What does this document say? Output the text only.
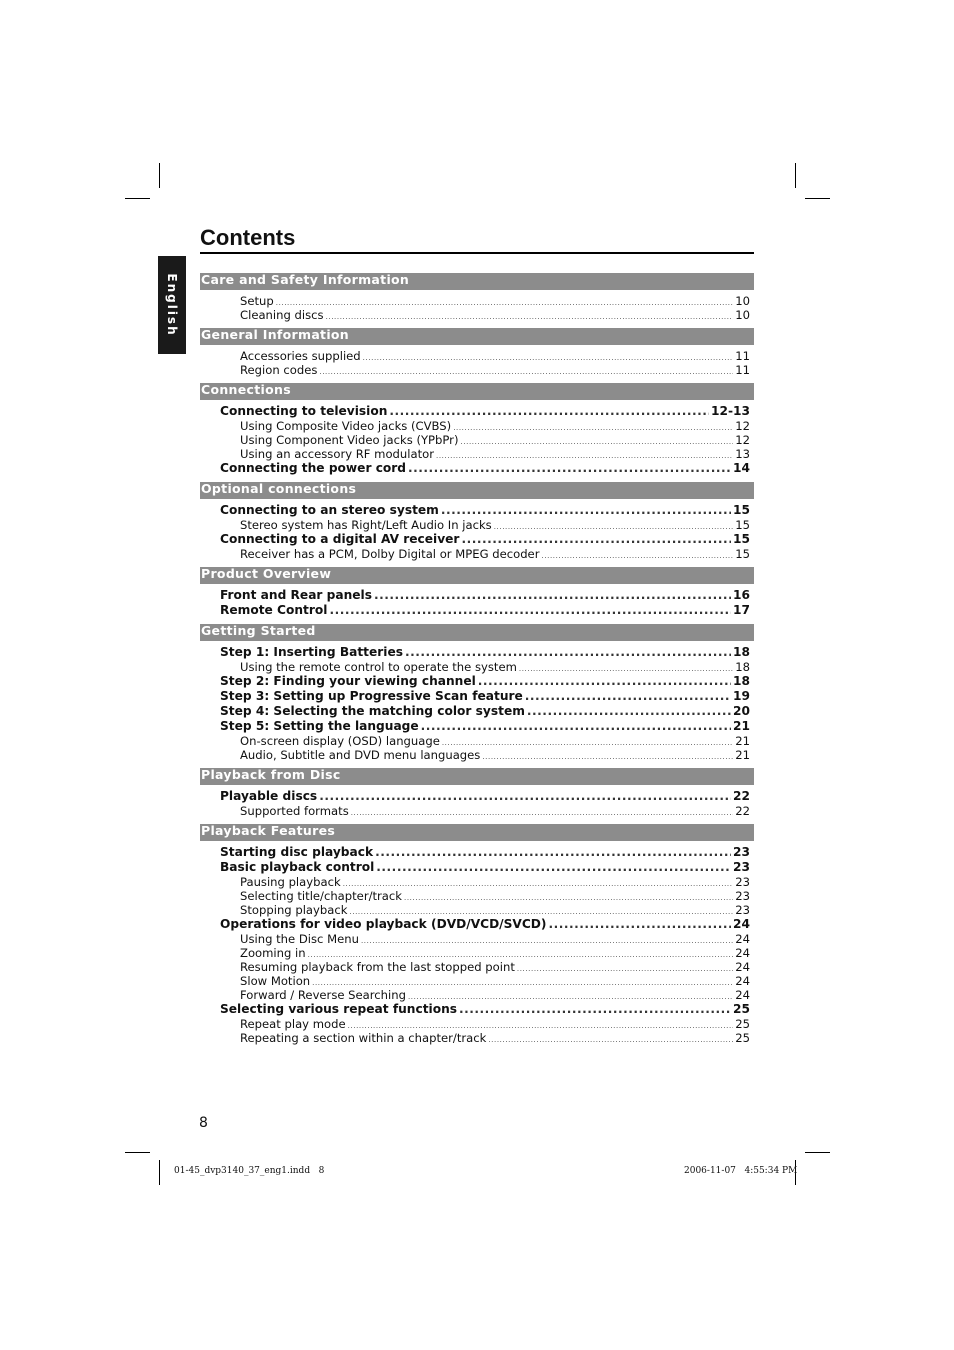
Contents
English Care and Safety Information
Setup .....	10
Cleaning discs .....	10
General Information
Accessories supplied .....	11
Region codes .....	11
Connections
Connecting to television .....	12-13
Using Composite Video jacks (CVBS) .....	12
Using Component Video jacks (YPbPr) .....	12
Using an accessory RF modulator .....	13
Connecting the power cord .....	14
Optional connections
Connecting to an stereo system .....	15
Stereo system has Right/Left Audio In jacks .....	15
Connecting to a digital AV receiver .....	15
Receiver has a PCM, Dolby Digital or MPEG decoder .....	15
Product Overview
Front and Rear panels .....	16
Remote Control .....	17
Getting Started
Step 1: Inserting Batteries .....	18
Using the remote control to operate the system .....	18
Step 2: Finding your viewing channel .....	18
Step 3: Setting up Progressive Scan feature .....	19
Step 4: Selecting the matching color system .....	20
Step 5: Setting the language .....	21
On-screen display (OSD) language .....	21
Audio, Subtitle and DVD menu languages .....	21
Playback from Disc
Playable discs .....	22
Supported formats .....	22
Playback Features
Starting disc playback .....	23
Basic playback control .....	23
Pausing playback .....	23
Selecting title/chapter/track .....	23
Stopping playback .....	23
Operations for video playback (DVD/VCD/SVCD) .....	24
Using the Disc Menu .....	24
Zooming in .....	24
Resuming playback from the last stopped point .....	24
Slow Motion .....	24
Forward / Reverse Searching .....	24
Selecting various repeat functions .....	25
Repeat play mode .....	25
Repeating a section within a chapter/track .....	25
8
01-45_dvp3140_37_eng1.indd   8	2006-11-07   4:55:34 PM
